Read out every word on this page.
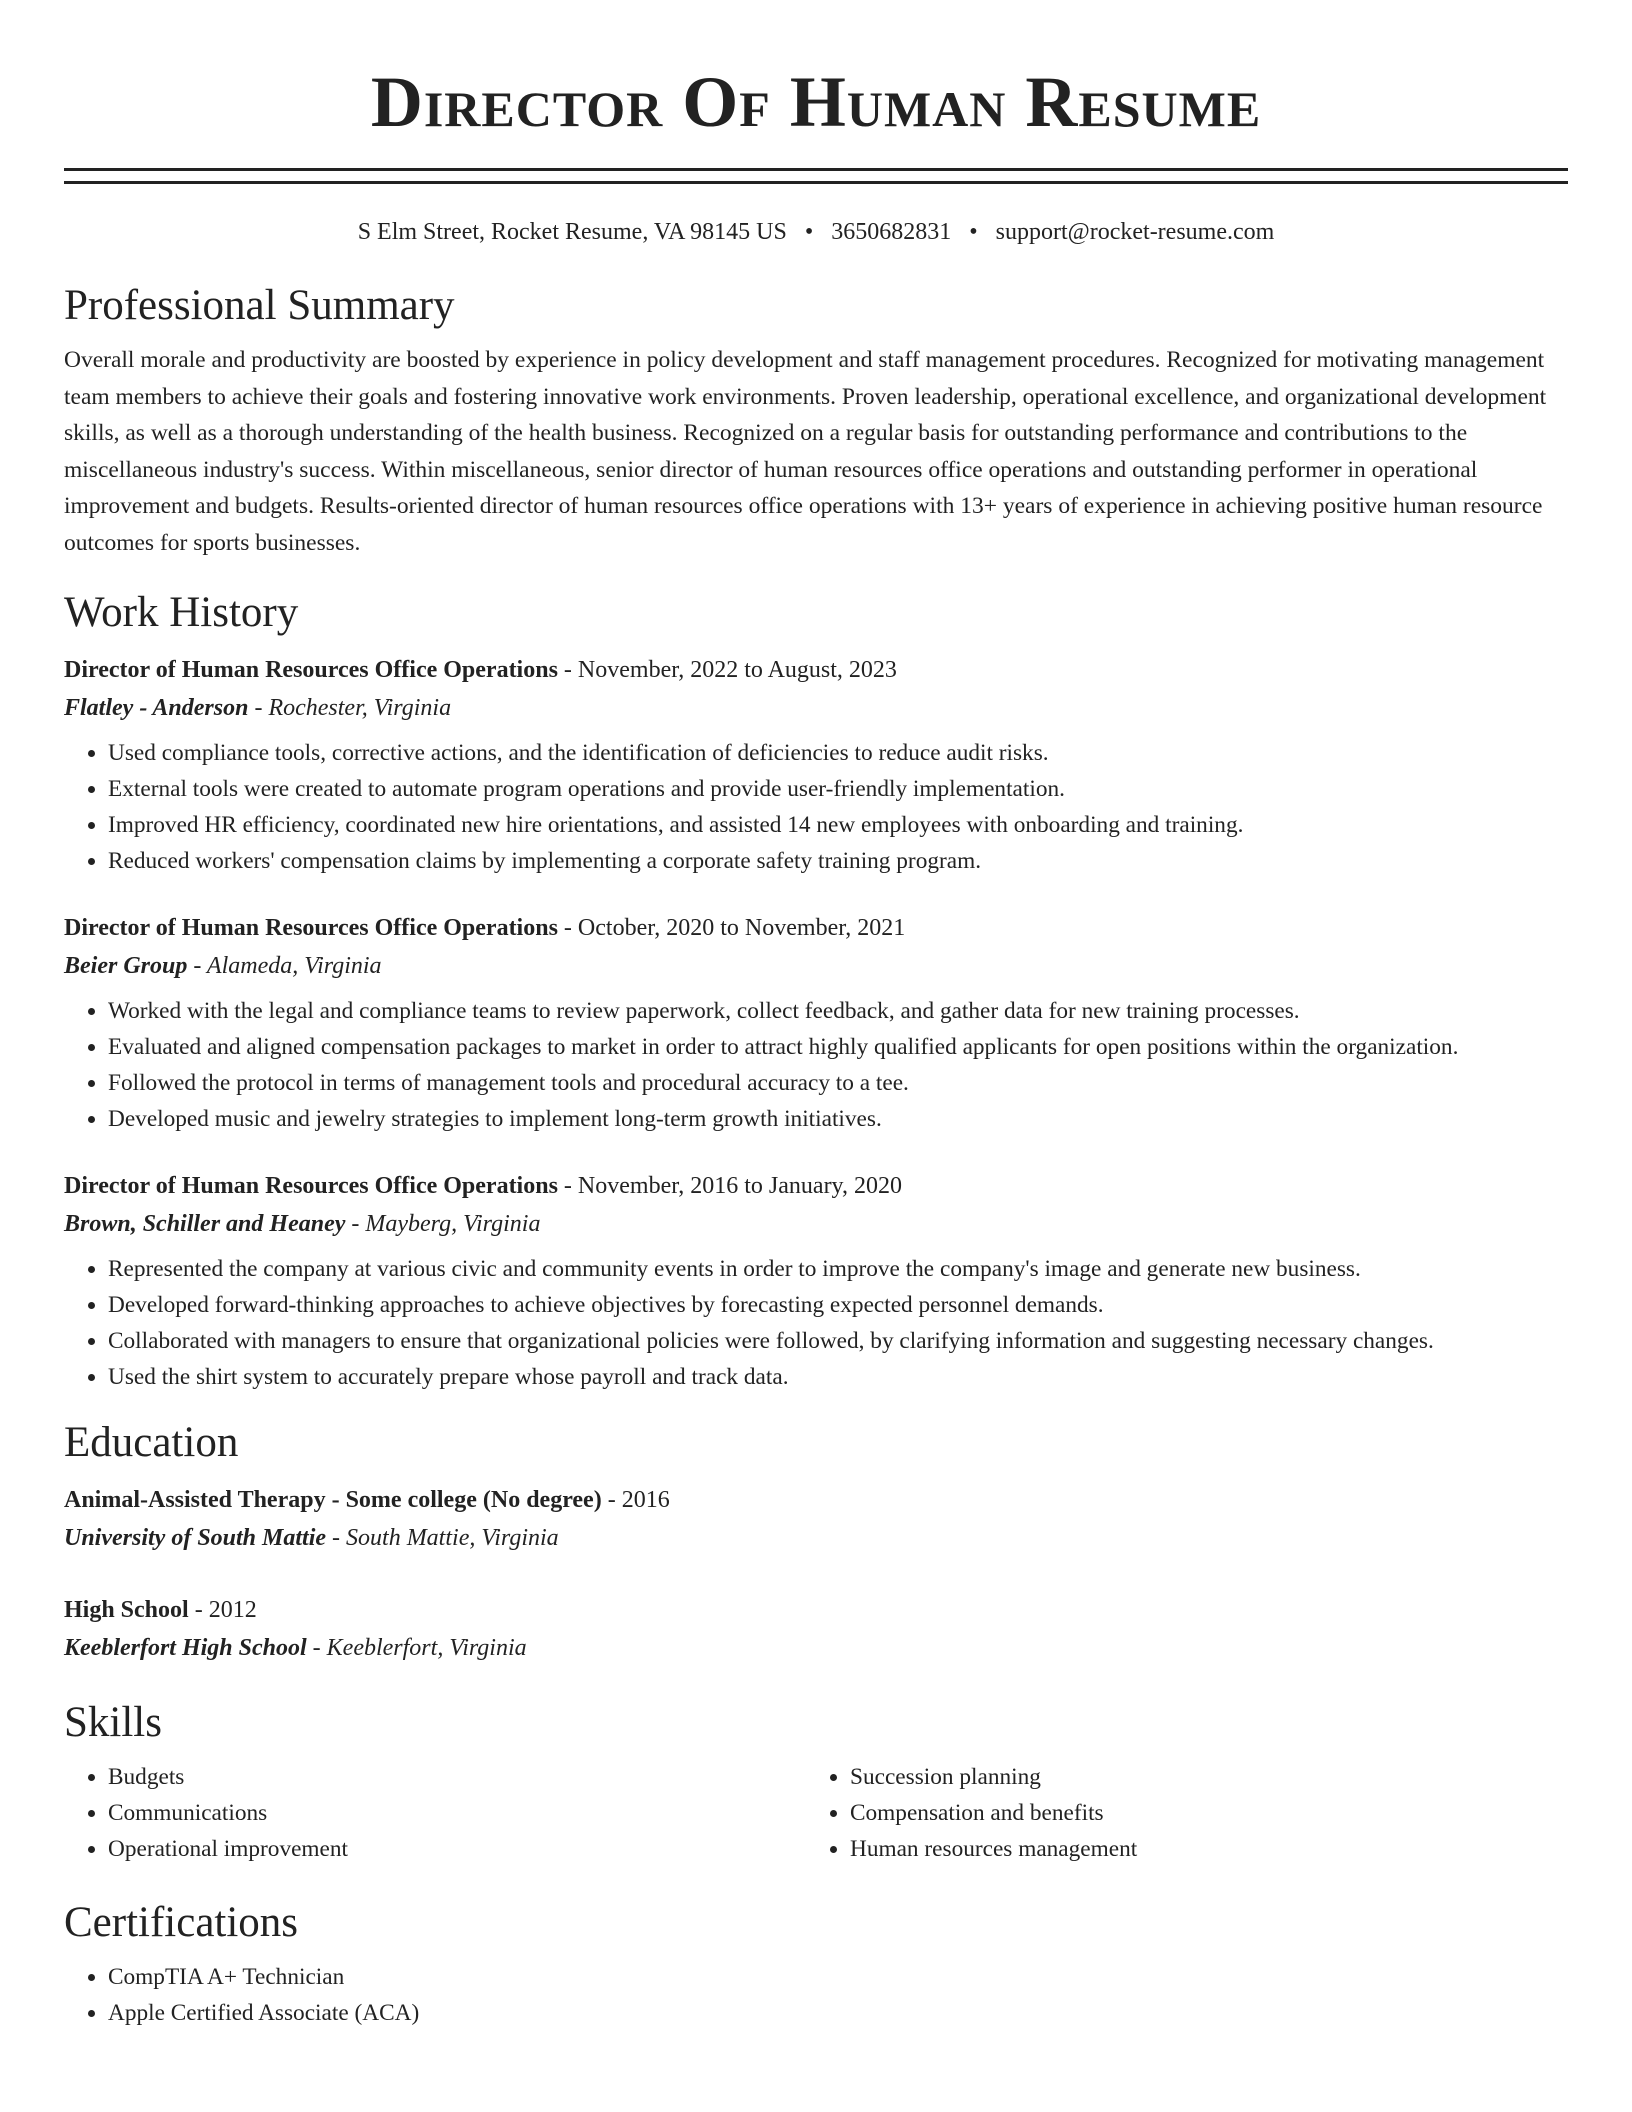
Director Of Human Resume
S Elm Street, Rocket Resume, VA 98145 US • 3650682831 • support@rocket-resume.com
Professional Summary

Overall morale and productivity are boosted by experience in policy development and staff management procedures. Recognized for motivating management team members to achieve their goals and fostering innovative work environments. Proven leadership, operational excellence, and organizational development skills, as well as a thorough understanding of the health business. Recognized on a regular basis for outstanding performance and contributions to the miscellaneous industry's success. Within miscellaneous, senior director of human resources office operations and outstanding performer in operational improvement and budgets. Results-oriented director of human resources office operations with 13+ years of experience in achieving positive human resource outcomes for sports businesses.

Work History
Director of Human Resources Office Operations - November, 2022 to August, 2023
Flatley - Anderson - Rochester, Virginia
• Used compliance tools, corrective actions, and the identification of deficiencies to reduce audit risks.
• External tools were created to automate program operations and provide user-friendly implementation.
• Improved HR efficiency, coordinated new hire orientations, and assisted 14 new employees with onboarding and training.
• Reduced workers' compensation claims by implementing a corporate safety training program.
Director of Human Resources Office Operations - October, 2020 to November, 2021
Beier Group - Alameda, Virginia
• Worked with the legal and compliance teams to review paperwork, collect feedback, and gather data for new training processes.
• Evaluated and aligned compensation packages to market in order to attract highly qualified applicants for open positions within the organization.
• Followed the protocol in terms of management tools and procedural accuracy to a tee.
• Developed music and jewelry strategies to implement long-term growth initiatives.
Director of Human Resources Office Operations - November, 2016 to January, 2020
Brown, Schiller and Heaney - Mayberg, Virginia
• Represented the company at various civic and community events in order to improve the company's image and generate new business.
• Developed forward-thinking approaches to achieve objectives by forecasting expected personnel demands.
• Collaborated with managers to ensure that organizational policies were followed, by clarifying information and suggesting necessary changes.
• Used the shirt system to accurately prepare whose payroll and track data.
Education
Animal-Assisted Therapy - Some college (No degree) - 2016
University of South Mattie - South Mattie, Virginia
High School - 2012
Keeblerfort High School - Keeblerfort, Virginia
Skills
• Budgets
• Communications
• Operational improvement
• Succession planning
• Compensation and benefits
• Human resources management
Certifications
• CompTIA A+ Technician
• Apple Certified Associate (ACA)
